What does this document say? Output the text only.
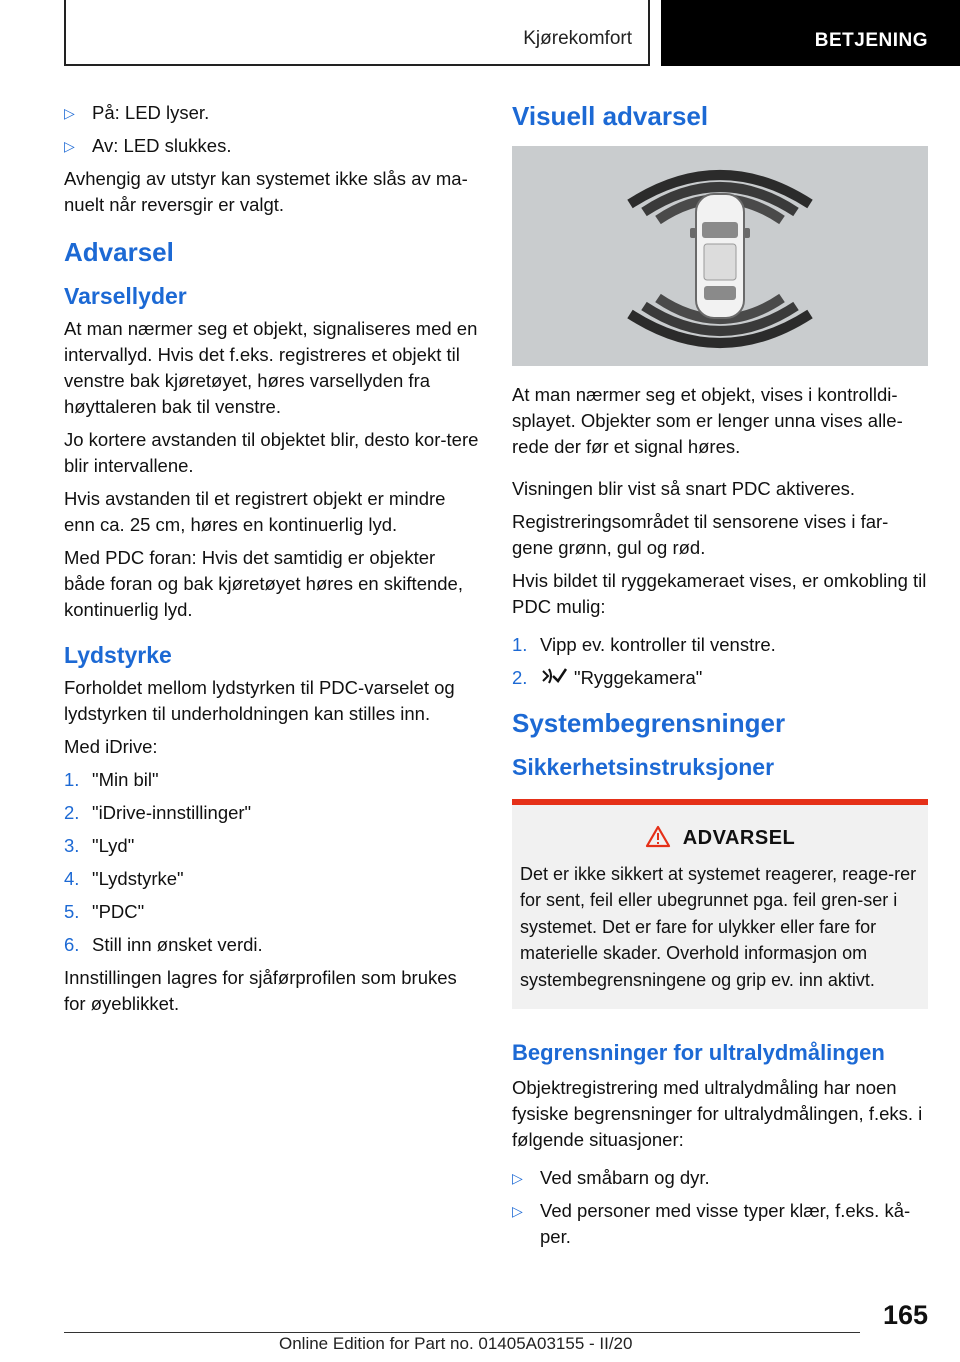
Kjørekomfort	BETJENING
▷ På: LED lyser.
▷ Av: LED slukkes.

Avhengig av utstyr kan systemet ikke slås av ma-nuelt når reversgir er valgt.

Advarsel
Varsellyder

At man nærmer seg et objekt, signaliseres med en intervallyd. Hvis det f.eks. registreres et objekt til venstre bak kjøretøyet, høres varsellyden fra høyttaleren bak til venstre.

Jo kortere avstanden til objektet blir, desto kor-tere blir intervallene.

Hvis avstanden til et registrert objekt er mindre enn ca. 25 cm, høres en kontinuerlig lyd.

Med PDC foran: Hvis det samtidig er objekter både foran og bak kjøretøyet høres en skiftende, kontinuerlig lyd.

Lydstyrke

Forholdet mellom lydstyrken til PDC-varselet og lydstyrken til underholdningen kan stilles inn.

Med iDrive:

1. "Min bil"
2. "iDrive-innstillinger"
3. "Lyd"
4. "Lydstyrke"
5. "PDC"
6. Still inn ønsket verdi.

Innstillingen lagres for sjåførprofilen som brukes for øyeblikket.

Visuell advarsel

At man nærmer seg et objekt, vises i kontrolldi-splayet. Objekter som er lenger unna vises alle-rede der før et signal høres.

Visningen blir vist så snart PDC aktiveres.

Registreringsområdet til sensorene vises i far-gene grønn, gul og rød.

Hvis bildet til ryggekameraet vises, er omkobling til PDC mulig:

1. Vipp ev. kontroller til venstre.
2.	"Ryggekamera"
Systembegrensninger
Sikkerhetsinstruksjoner
ADVARSEL

Det er ikke sikkert at systemet reagerer, reage-rer for sent, feil eller ubegrunnet pga. feil gren-ser i systemet. Det er fare for ulykker eller fare for materielle skader. Overhold informasjon om systembegrensningene og grip ev. inn aktivt.

Begrensninger for ultralydmålingen

Objektregistrering med ultralydmåling har noen fysiske begrensninger for ultralydmålingen, f.eks. i følgende situasjoner:

▷ Ved småbarn og dyr.
▷ Ved personer med visse typer klær, f.eks. kå-per.
165
Online Edition for Part no. 01405A03155 - II/20
